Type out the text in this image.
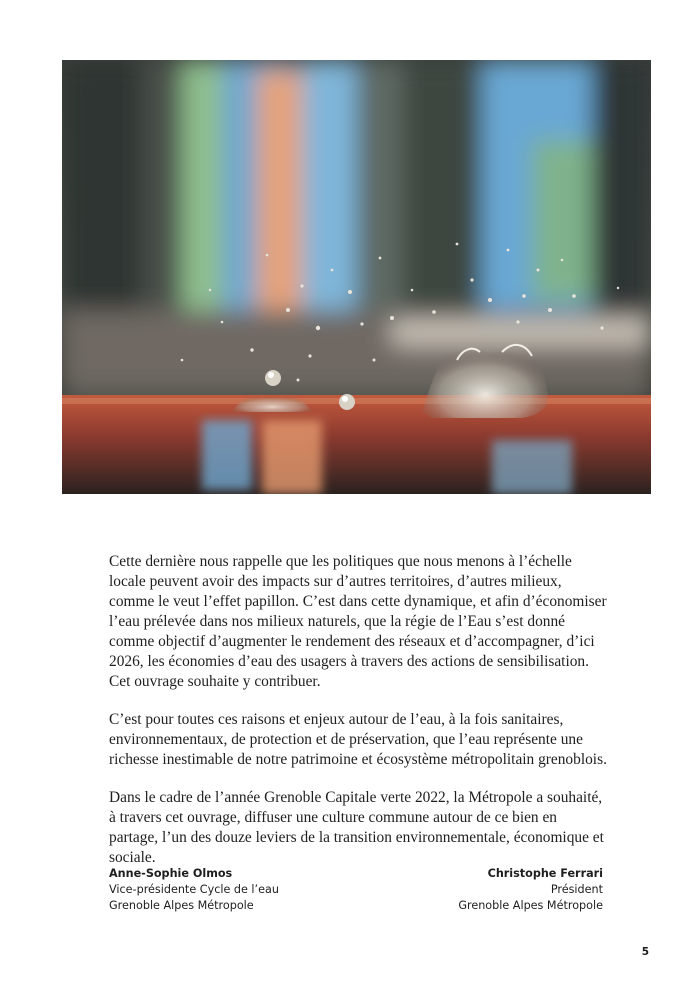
Cette dernière nous rappelle que les politiques que nous menons à l’échelle locale peuvent avoir des impacts sur d’autres territoires, d’autres milieux, comme le veut l’effet papillon. C’est dans cette dynamique, et afin d’économiser l’eau prélevée dans nos milieux naturels, que la régie de l’Eau s’est donné comme objectif d’augmenter le rendement des réseaux et d’accompagner, d’ici 2026, les économies d’eau des usagers à travers des actions de sensibilisation. Cet ouvrage souhaite y contribuer.

C’est pour toutes ces raisons et enjeux autour de l’eau, à la fois sanitaires, environnementaux, de protection et de préservation, que l’eau représente une richesse inestimable de notre patrimoine et écosystème métropolitain grenoblois.

Dans le cadre de l’année Grenoble Capitale verte 2022, la Métropole a souhaité, à travers cet ouvrage, diffuser une culture commune autour de ce bien en partage, l’un des douze leviers de la transition environnementale, économique et sociale.

Anne-Sophie Olmos
Vice-présidente Cycle de l’eau
Grenoble Alpes Métropole
Christophe Ferrari
Président
Grenoble Alpes Métropole
5
